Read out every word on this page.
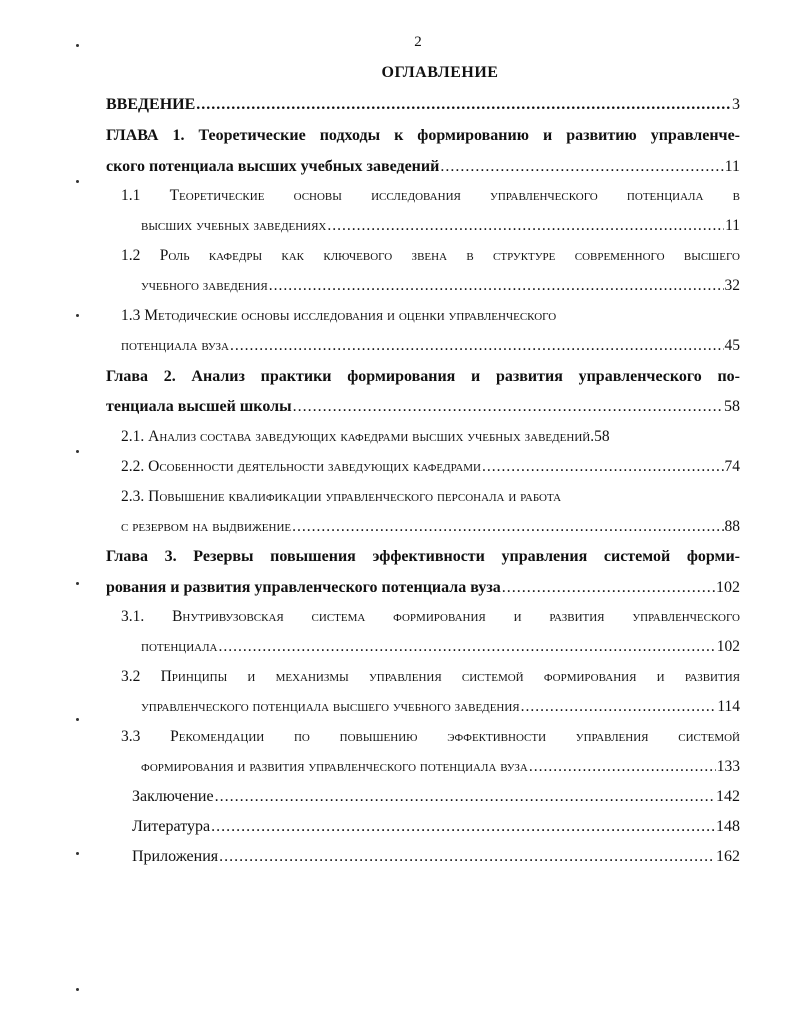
2
ОГЛАВЛЕНИЕ
ВВЕДЕНИЕ .....	3
ГЛАВА 1. Теоретические подходы к формированию и развитию управленче-
ского потенциала высших учебных заведений .....	11
1.1 Теоретические основы исследования управленческого потенциала в
высших учебных заведениях .....	11
1.2 Роль кафедры как ключевого звена в структуре современного высшего
учебного заведения .....	32
1.3 Методические основы исследования и оценки управленческого
потенциала вуза .....	45
Глава 2. Анализ практики формирования и развития управленческого по-
тенциала высшей школы .....	58
2.1. Анализ состава заведующих кафедрами высших учебных заведений.58
2.2. Особенности деятельности заведующих кафедрами .....	74
2.3. Повышение квалификации управленческого персонала и работа
с резервом на выдвижение .....	88
Глава 3. Резервы повышения эффективности управления системой форми-
рования и развития управленческого потенциала вуза .....	102
3.1. Внутривузовская система формирования и развития управленческого
потенциала .....	102
3.2 Принципы и механизмы управления системой формирования и развития
управленческого потенциала высшего учебного заведения .....	114
3.3 Рекомендации по повышению эффективности управления системой
формирования и развития управленческого потенциала вуза .....	133
Заключение .....	142
Литература .....	148
Приложения .....	162
